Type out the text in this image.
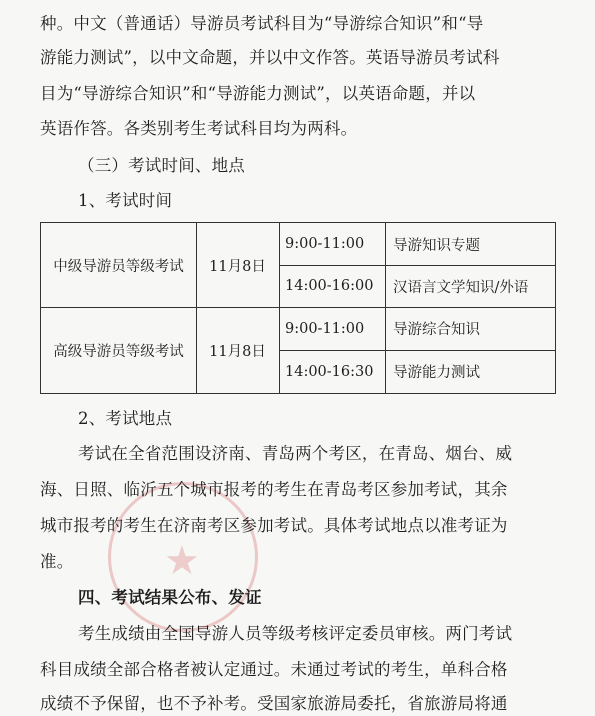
种。中文（普通话）导游员考试科目为“导游综合知识”和“导
游能力测试”，以中文命题，并以中文作答。英语导游员考试科
目为“导游综合知识”和“导游能力测试”，以英语命题，并以
英语作答。各类别考生考试科目均为两科。
（三）考试时间、地点
1、考试时间
中级导游员等级考试 11月8日
9:00-11:00 导游知识专题
14:00-16:00 汉语言文学知识/外语
高级导游员等级考试 11月8日
9:00-11:00 导游综合知识
14:00-16:30 导游能力测试
2、考试地点
★
考试在全省范围设济南、青岛两个考区，在青岛、烟台、威
海、日照、临沂五个城市报考的考生在青岛考区参加考试，其余
城市报考的考生在济南考区参加考试。具体考试地点以准考证为
准。
四、考试结果公布、发证
考生成绩由全国导游人员等级考核评定委员审核。两门考试
科目成绩全部合格者被认定通过。未通过考试的考生，单科合格
成绩不予保留，也不予补考。受国家旅游局委托，省旅游局将通
